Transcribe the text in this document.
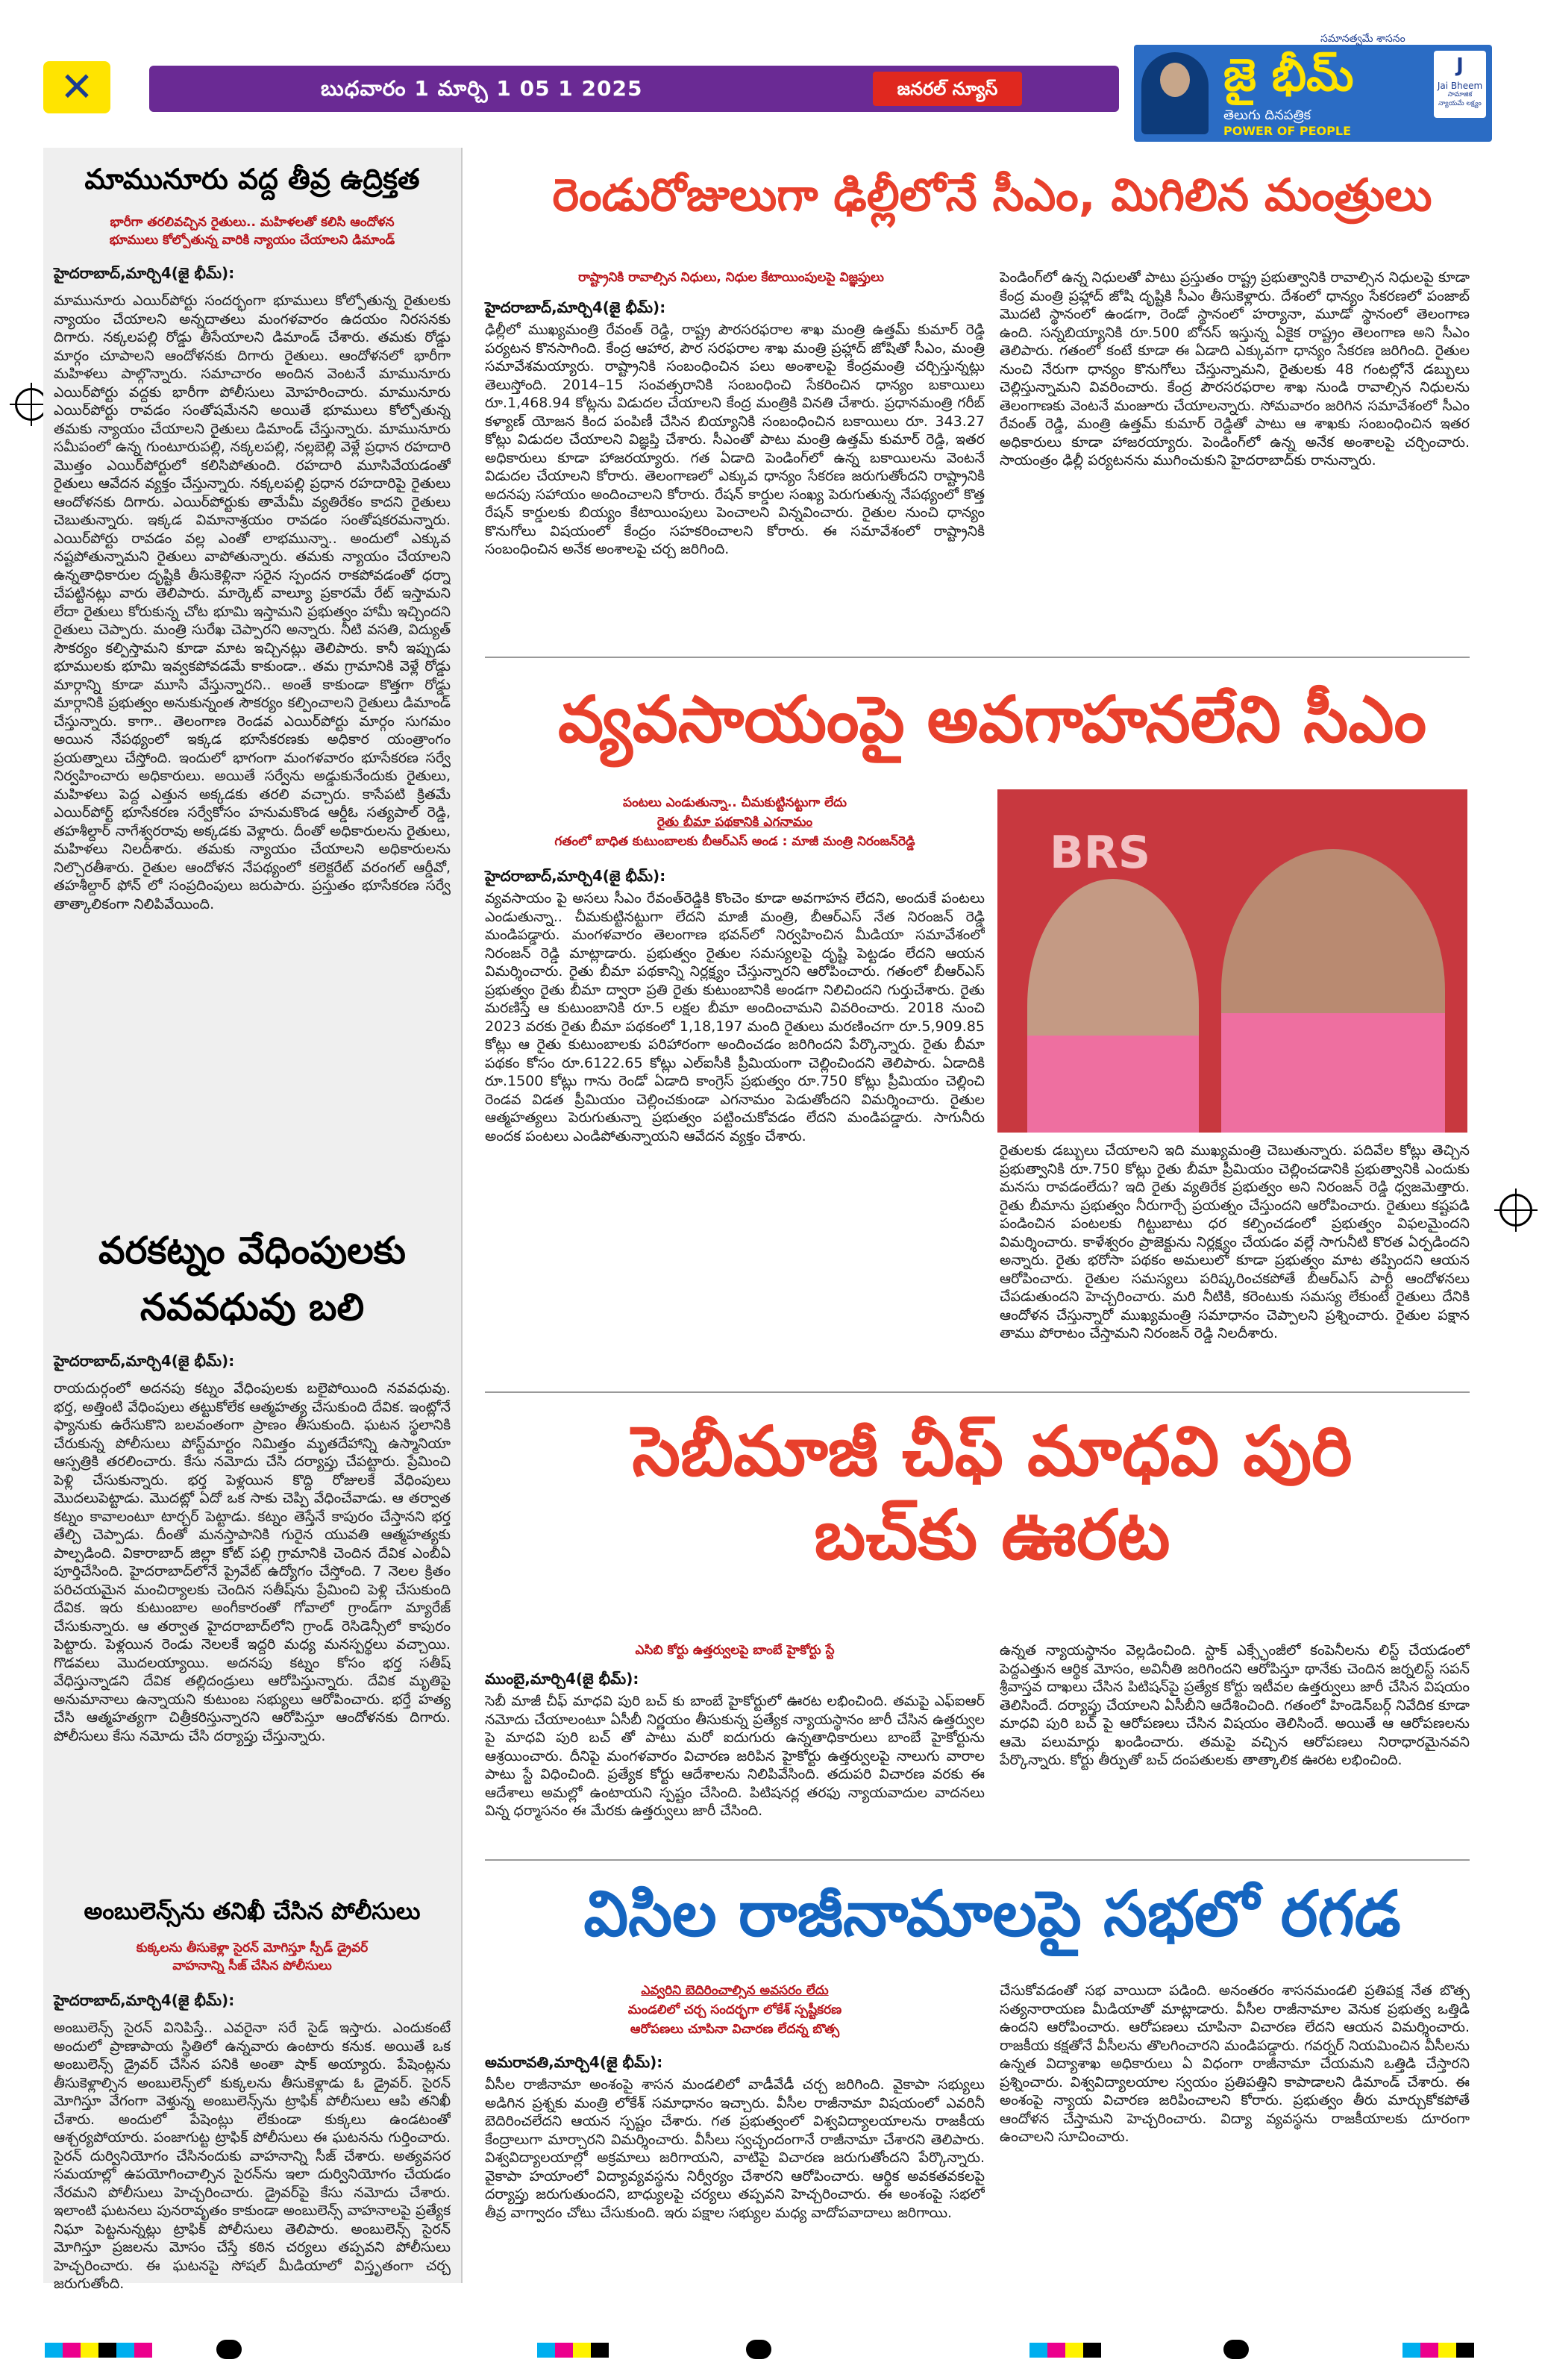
✕	బుధవారం 1 మార్చి 1 05 1 2025	జనరల్ న్యూస్	జై భీమ్
తెలుగు దినపత్రిక
POWER OF PEOPLE
J
Jai Bheem
సామాజిక న్యాయమే లక్ష్యం
సమానత్వమే శాసనం
మామునూరు వద్ద తీవ్ర ఉద్రిక్తత
భారీగా తరలివచ్చిన రైతులు.. మహిళలతో కలిసి ఆందోళన
భూములు కోల్పోతున్న వారికి న్యాయం చేయాలని డిమాండ్

హైదరాబాద్,మార్చి4(జై భీమ్):

మామునూరు ఎయిర్‌పోర్టు సందర్భంగా భూములు కోల్పోతున్న రైతులకు న్యాయం చేయాలని అన్నదాతలు మంగళవారం ఉదయం నిరసనకు దిగారు. నక్కలపల్లి రోడ్డు తీసేయాలని డిమాండ్ చేశారు. తమకు రోడ్డు మార్గం చూపాలని ఆందోళనకు దిగారు రైతులు. ఆందోళనలో భారీగా మహిళలు పాల్గొన్నారు. సమాచారం అందిన వెంటనే మామునూరు ఎయిర్‌పోర్టు వద్దకు భారీగా పోలీసులు మోహరించారు. మామునూరు ఎయిర్‌పోర్టు రావడం సంతోషమేనని అయితే భూములు కోల్పోతున్న తమకు న్యాయం చేయాలని రైతులు డిమాండ్ చేస్తున్నారు. మామునూరు సమీపంలో ఉన్న గుంటూరుపల్లి, నక్కలపల్లి, నల్లబెల్లి వెళ్లే ప్రధాన రహదారి మొత్తం ఎయిర్‌పోర్టులో కలిసిపోతుంది. రహదారి మూసివేయడంతో రైతులు ఆవేదన వ్యక్తం చేస్తున్నారు. నక్కలపల్లి ప్రధాన రహదారిపై రైతులు ఆందోళనకు దిగారు. ఎయిర్‌పోర్టుకు తామేమీ వ్యతిరేకం కాదని రైతులు చెబుతున్నారు. ఇక్కడ విమానాశ్రయం రావడం సంతోషకరమన్నారు. ఎయిర్‌పోర్టు రావడం వల్ల ఎంతో లాభమున్నా.. అందులో ఎక్కువ నష్టపోతున్నామని రైతులు వాపోతున్నారు. తమకు న్యాయం చేయాలని ఉన్నతాధికారుల దృష్టికి తీసుకెళ్లినా సరైన స్పందన రాకపోవడంతో ధర్నా చేపట్టినట్లు వారు తెలిపారు. మార్కెట్ వాల్యూ ప్రకారమే రేట్ ఇస్తామని లేదా రైతులు కోరుకున్న చోట భూమి ఇస్తామని ప్రభుత్వం హామీ ఇచ్చిందని రైతులు చెప్పారు. మంత్రి సురేఖ చెప్పారని అన్నారు. నీటి వసతి, విద్యుత్ సౌకర్యం కల్పిస్తామని కూడా మాట ఇచ్చినట్లు తెలిపారు. కానీ ఇప్పుడు భూములకు భూమి ఇవ్వకపోవడమే కాకుండా.. తమ గ్రామానికి వెళ్లే రోడ్డు మార్గాన్ని కూడా మూసి వేస్తున్నారని.. అంతే కాకుండా కొత్తగా రోడ్డు మార్గానికి ప్రభుత్వం అనుకున్నంత సౌకర్యం కల్పించాలని రైతులు డిమాండ్ చేస్తున్నారు. కాగా.. తెలంగాణ రెండవ ఎయిర్‌పోర్టు మార్గం సుగమం అయిన నేపథ్యంలో ఇక్కడ భూసేకరణకు అధికార యంత్రాంగం ప్రయత్నాలు చేస్తోంది. ఇందులో భాగంగా మంగళవారం భూసేకరణ సర్వే నిర్వహించారు అధికారులు. అయితే సర్వేను అడ్డుకునేందుకు రైతులు, మహిళలు పెద్ద ఎత్తున అక్కడకు తరలి వచ్చారు. కాసేపటి క్రితమే ఎయిర్‌పోర్ట్ భూసేకరణ సర్వేకోసం హనుమకొండ ఆర్డీఓ సత్యపాల్ రెడ్డి, తహశీల్దార్ నాగేశ్వరరావు అక్కడకు వెళ్లారు. దీంతో అధికారులను రైతులు, మహిళలు నిలదీశారు. తమకు న్యాయం చేయాలని అధికారులను నిల్చొరతీశారు. రైతుల ఆందోళన నేపథ్యంలో కలెక్టరేట్ వరంగల్ ఆర్డీవో, తహశీల్దార్ ఫోన్ లో సంప్రదింపులు జరుపారు. ప్రస్తుతం భూసేకరణ సర్వే తాత్కాలికంగా నిలిపివేయింది.

వరకట్నం వేధింపులకు నవవధువు బలి

హైదరాబాద్,మార్చి4(జై భీమ్):

రాయదుర్గంలో అదనపు కట్నం వేధింపులకు బలైపోయింది నవవధువు. భర్త, అత్తింటి వేధింపులు తట్టుకోలేక ఆత్మహత్య చేసుకుంది దేవిక. ఇంట్లోనే ఫ్యానుకు ఉరేసుకొని బలవంతంగా ప్రాణం తీసుకుంది. ఘటన స్థలానికి చేరుకున్న పోలీసులు పోస్ట్‌మార్టం నిమిత్తం మృతదేహాన్ని ఉస్మానియా ఆస్పత్రికి తరలించారు. కేసు నమోదు చేసి దర్యాప్తు చేపట్టారు. ప్రేమించి పెళ్లి చేసుకున్నారు. భర్త పెళ్లయిన కొద్ది రోజులకే వేధింపులు మొదలుపెట్టాడు. మొదట్లో ఏదో ఒక సాకు చెప్పి వేధించేవాడు. ఆ తర్వాత కట్నం కావాలంటూ టార్చర్ పెట్టాడు. కట్నం తెస్తేనే కాపురం చేస్తానని భర్త తేల్చి చెప్పాడు. దీంతో మనస్తాపానికి గురైన యువతి ఆత్మహత్యకు పాల్పడింది. వికారాబాద్ జిల్లా కోట్ పల్లి గ్రామానికి చెందిన దేవిక ఎంబీఏ పూర్తిచేసింది. హైదరాబాద్‌లోనే ప్రైవేట్ ఉద్యోగం చేస్తోంది. 7 నెలల క్రితం పరిచయమైన మంచిర్యాలకు చెందిన సతీష్‌ను ప్రేమించి పెళ్లి చేసుకుంది దేవిక. ఇరు కుటుంబాల అంగీకారంతో గోవాలో గ్రాండ్‌గా మ్యారేజ్ చేసుకున్నారు. ఆ తర్వాత హైదరాబాద్‌లోని గ్రాండ్ రెసిడెన్సీలో కాపురం పెట్టారు. పెళ్లయిన రెండు నెలలకే ఇద్దరి మధ్య మనస్పర్థలు వచ్చాయి. గొడవలు మొదలయ్యాయి. అదనపు కట్నం కోసం భర్త సతీష్ వేధిస్తున్నాడని దేవిక తల్లిదండ్రులు ఆరోపిస్తున్నారు. దేవిక మృతిపై అనుమానాలు ఉన్నాయని కుటుంబ సభ్యులు ఆరోపించారు. భర్తే హత్య చేసి ఆత్మహత్యగా చిత్రీకరిస్తున్నారని ఆరోపిస్తూ ఆందోళనకు దిగారు. పోలీసులు కేసు నమోదు చేసి దర్యాప్తు చేస్తున్నారు.

అంబులెన్స్‌ను తనిఖీ చేసిన పోలీసులు
కుక్కలను తీసుకెళ్లా సైరన్ మోగిస్తూ స్పీడ్ డ్రైవర్
వాహనాన్ని సీజ్ చేసిన పోలీసులు

హైదరాబాద్,మార్చి4(జై భీమ్):

అంబులెన్స్ సైరన్ వినిపిస్తే.. ఎవరైనా సరే సైడ్ ఇస్తారు. ఎందుకంటే అందులో ప్రాణాపాయ స్థితిలో ఉన్నవారు ఉంటారు కనుక. అయితే ఒక అంబులెన్స్ డ్రైవర్ చేసిన పనికి అంతా షాక్ అయ్యారు. పేషెంట్లను తీసుకెళ్లాల్సిన అంబులెన్స్‌లో కుక్కలను తీసుకెళ్లాడు ఓ డ్రైవర్. సైరన్ మోగిస్తూ వేగంగా వెళ్తున్న అంబులెన్స్‌ను ట్రాఫిక్ పోలీసులు ఆపి తనిఖీ చేశారు. అందులో పేషెంట్లు లేకుండా కుక్కలు ఉండటంతో ఆశ్చర్యపోయారు. పంజాగుట్ట ట్రాఫిక్ పోలీసులు ఈ ఘటనను గుర్తించారు. సైరన్ దుర్వినియోగం చేసినందుకు వాహనాన్ని సీజ్ చేశారు. అత్యవసర సమయాల్లో ఉపయోగించాల్సిన సైరన్‌ను ఇలా దుర్వినియోగం చేయడం నేరమని పోలీసులు హెచ్చరించారు. డ్రైవర్‌పై కేసు నమోదు చేశారు. ఇలాంటి ఘటనలు పునరావృతం కాకుండా అంబులెన్స్ వాహనాలపై ప్రత్యేక నిఘా పెట్టనున్నట్లు ట్రాఫిక్ పోలీసులు తెలిపారు. అంబులెన్స్ సైరన్ మోగిస్తూ ప్రజలను మోసం చేస్తే కఠిన చర్యలు తప్పవని పోలీసులు హెచ్చరించారు. ఈ ఘటనపై సోషల్ మీడియాలో విస్తృతంగా చర్చ జరుగుతోంది.

రెండురోజులుగా ఢిల్లీలోనే సీఎం, మిగిలిన మంత్రులు
రాష్ట్రానికి రావాల్సిన నిధులు, నిధుల కేటాయింపులపై విజ్ఞప్తులు

హైదరాబాద్,మార్చి4(జై భీమ్):

ఢిల్లీలో ముఖ్యమంత్రి రేవంత్ రెడ్డి, రాష్ట్ర పౌరసరఫరాల శాఖ మంత్రి ఉత్తమ్ కుమార్ రెడ్డి పర్యటన కొనసాగింది. కేంద్ర ఆహార, పౌర సరఫరాల శాఖ మంత్రి ప్రహ్లాద్ జోషితో సీఎం, మంత్రి సమావేశమయ్యారు. రాష్ట్రానికి సంబంధించిన పలు అంశాలపై కేంద్రమంత్రి చర్చిస్తున్నట్లు తెలుస్తోంది. 2014–15 సంవత్సరానికి సంబంధించి సేకరించిన ధాన్యం బకాయిలు రూ.1,468.94 కోట్లను విడుదల చేయాలని కేంద్ర మంత్రికి వినతి చేశారు. ప్రధానమంత్రి గరీబ్ కళ్యాణ్ యోజన కింద పంపిణీ చేసిన బియ్యానికి సంబంధించిన బకాయిలు రూ. 343.27 కోట్లు విడుదల చేయాలని విజ్ఞప్తి చేశారు. సీఎంతో పాటు మంత్రి ఉత్తమ్ కుమార్ రెడ్డి, ఇతర అధికారులు కూడా హాజరయ్యారు. గత ఏడాది పెండింగ్‌లో ఉన్న బకాయిలను వెంటనే విడుదల చేయాలని కోరారు. తెలంగాణలో ఎక్కువ ధాన్యం సేకరణ జరుగుతోందని రాష్ట్రానికి అదనపు సహాయం అందించాలని కోరారు. రేషన్ కార్డుల సంఖ్య పెరుగుతున్న నేపథ్యంలో కొత్త రేషన్ కార్డులకు బియ్యం కేటాయింపులు పెంచాలని విన్నవించారు. రైతుల నుంచి ధాన్యం కొనుగోలు విషయంలో కేంద్రం సహకరించాలని కోరారు. ఈ సమావేశంలో రాష్ట్రానికి సంబంధించిన అనేక అంశాలపై చర్చ జరిగింది.

పెండింగ్‌లో ఉన్న నిధులతో పాటు ప్రస్తుతం రాష్ట్ర ప్రభుత్వానికి రావాల్సిన నిధులపై కూడా కేంద్ర మంత్రి ప్రహ్లాద్ జోషి దృష్టికి సీఎం తీసుకెళ్లారు. దేశంలో ధాన్యం సేకరణలో పంజాబ్ మొదటి స్థానంలో ఉండగా, రెండో స్థానంలో హర్యానా, మూడో స్థానంలో తెలంగాణ ఉంది. సన్నబియ్యానికి రూ.500 బోనస్ ఇస్తున్న ఏకైక రాష్ట్రం తెలంగాణ అని సీఎం తెలిపారు. గతంలో కంటే కూడా ఈ ఏడాది ఎక్కువగా ధాన్యం సేకరణ జరిగింది. రైతుల నుంచి నేరుగా ధాన్యం కొనుగోలు చేస్తున్నామని, రైతులకు 48 గంటల్లోనే డబ్బులు చెల్లిస్తున్నామని వివరించారు. కేంద్ర పౌరసరఫరాల శాఖ నుండి రావాల్సిన నిధులను తెలంగాణకు వెంటనే మంజూరు చేయాలన్నారు. సోమవారం జరిగిన సమావేశంలో సీఎం రేవంత్ రెడ్డి, మంత్రి ఉత్తమ్ కుమార్ రెడ్డితో పాటు ఆ శాఖకు సంబంధించిన ఇతర అధికారులు కూడా హాజరయ్యారు. పెండింగ్‌లో ఉన్న అనేక అంశాలపై చర్చించారు. సాయంత్రం ఢిల్లీ పర్యటనను ముగించుకుని హైదరాబాద్‌కు రానున్నారు.

వ్యవసాయంపై అవగాహనలేని సీఎం
పంటలు ఎండుతున్నా.. చీమకుట్టినట్టుగా లేదు
రైతు బీమా పథకానికి ఎగనామం
గతంలో బాధిత కుటుంబాలకు బీఆర్ఎస్ అండ : మాజీ మంత్రి నిరంజన్‌రెడ్డి

హైదరాబాద్,మార్చి4(జై భీమ్):

వ్యవసాయం పై అసలు సీఎం రేవంత్‌రెడ్డికి కొంచెం కూడా అవగాహన లేదని, అందుకే పంటలు ఎండుతున్నా.. చీమకుట్టినట్టుగా లేదని మాజీ మంత్రి, బీఆర్ఎస్ నేత నిరంజన్ రెడ్డి మండిపడ్డారు. మంగళవారం తెలంగాణ భవన్‌లో నిర్వహించిన మీడియా సమావేశంలో నిరంజన్ రెడ్డి మాట్లాడారు. ప్రభుత్వం రైతుల సమస్యలపై దృష్టి పెట్టడం లేదని ఆయన విమర్శించారు. రైతు బీమా పథకాన్ని నిర్లక్ష్యం చేస్తున్నారని ఆరోపించారు. గతంలో బీఆర్ఎస్ ప్రభుత్వం రైతు బీమా ద్వారా ప్రతి రైతు కుటుంబానికి అండగా నిలిచిందని గుర్తుచేశారు. రైతు మరణిస్తే ఆ కుటుంబానికి రూ.5 లక్షల బీమా అందించామని వివరించారు. 2018 నుంచి 2023 వరకు రైతు బీమా పథకంలో 1,18,197 మంది రైతులు మరణించగా రూ.5,909.85 కోట్లు ఆ రైతు కుటుంబాలకు పరిహారంగా అందించడం జరిగిందని పేర్కొన్నారు. రైతు బీమా పథకం కోసం రూ.6122.65 కోట్లు ఎల్ఐసీకి ప్రీమియంగా చెల్లించిందని తెలిపారు. ఏడాదికి రూ.1500 కోట్లు గాను రెండో ఏడాది కాంగ్రెస్ ప్రభుత్వం రూ.750 కోట్లు ప్రీమియం చెల్లించి రెండవ విడత ప్రీమియం చెల్లించకుండా ఎగనామం పెడుతోందని విమర్శించారు. రైతుల ఆత్మహత్యలు పెరుగుతున్నా ప్రభుత్వం పట్టించుకోవడం లేదని మండిపడ్డారు. సాగునీరు అందక పంటలు ఎండిపోతున్నాయని ఆవేదన వ్యక్తం చేశారు.

BRS

రైతులకు డబ్బులు చేయాలని ఇది ముఖ్యమంత్రి చెబుతున్నారు. పదివేల కోట్లు తెచ్చిన ప్రభుత్వానికి రూ.750 కోట్లు రైతు బీమా ప్రీమియం చెల్లించడానికి ప్రభుత్వానికి ఎందుకు మనసు రావడంలేదు? ఇది రైతు వ్యతిరేక ప్రభుత్వం అని నిరంజన్ రెడ్డి ధ్వజమెత్తారు. రైతు బీమాను ప్రభుత్వం నీరుగార్చే ప్రయత్నం చేస్తుందని ఆరోపించారు. రైతులు కష్టపడి పండించిన పంటలకు గిట్టుబాటు ధర కల్పించడంలో ప్రభుత్వం విఫలమైందని విమర్శించారు. కాళేశ్వరం ప్రాజెక్టును నిర్లక్ష్యం చేయడం వల్లే సాగునీటి కొరత ఏర్పడిందని అన్నారు. రైతు భరోసా పథకం అమలులో కూడా ప్రభుత్వం మాట తప్పిందని ఆయన ఆరోపించారు. రైతుల సమస్యలు పరిష్కరించకపోతే బీఆర్ఎస్ పార్టీ ఆందోళనలు చేపడుతుందని హెచ్చరించారు. మరి నీటికి, కరెంటుకు సమస్య లేకుంటే రైతులు దేనికి ఆందోళన చేస్తున్నారో ముఖ్యమంత్రి సమాధానం చెప్పాలని ప్రశ్నించారు. రైతుల పక్షాన తాము పోరాటం చేస్తామని నిరంజన్ రెడ్డి నిలదీశారు.

సెబీమాజీ చీఫ్ మాధవి పురి
బచ్‌కు ఊరట
ఎసిబి కోర్టు ఉత్తర్వులపై బాంబే హైకోర్టు స్టే

ముంబై,మార్చి4(జై భీమ్):

సెబీ మాజీ చీఫ్ మాధవి పురి బచ్ కు బాంబే హైకోర్టులో ఊరట లభించింది. తమపై ఎఫ్‌ఐఆర్ నమోదు చేయాలంటూ ఏసీబీ నిర్ణయం తీసుకున్న ప్రత్యేక న్యాయస్థానం జారీ చేసిన ఉత్తర్వుల పై మాధవి పురి బచ్ తో పాటు మరో ఐదుగురు ఉన్నతాధికారులు బాంబే హైకోర్టును ఆశ్రయించారు. దీనిపై మంగళవారం విచారణ జరిపిన హైకోర్టు ఉత్తర్వులపై నాలుగు వారాల పాటు స్టే విధించింది. ప్రత్యేక కోర్టు ఆదేశాలను నిలిపివేసింది. తదుపరి విచారణ వరకు ఈ ఆదేశాలు అమల్లో ఉంటాయని స్పష్టం చేసింది. పిటిషనర్ల తరఫు న్యాయవాదుల వాదనలు విన్న ధర్మాసనం ఈ మేరకు ఉత్తర్వులు జారీ చేసింది.

ఉన్నత న్యాయస్థానం వెల్లడించింది. స్టాక్ ఎక్స్ఛేంజీలో కంపెనీలను లిస్ట్ చేయడంలో పెద్దఎత్తున ఆర్థిక మోసం, అవినీతి జరిగిందని ఆరోపిస్తూ థానేకు చెందిన జర్నలిస్ట్ సపన్ శ్రీవాస్తవ దాఖలు చేసిన పిటిషన్‌పై ప్రత్యేక కోర్టు ఇటీవల ఉత్తర్వులు జారీ చేసిన విషయం తెలిసిందే. దర్యాప్తు చేయాలని ఏసీబీని ఆదేశించింది. గతంలో హిండెన్‌బర్గ్ నివేదిక కూడా మాధవి పురి బచ్ పై ఆరోపణలు చేసిన విషయం తెలిసిందే. అయితే ఆ ఆరోపణలను ఆమె పలుమార్లు ఖండించారు. తమపై వచ్చిన ఆరోపణలు నిరాధారమైనవని పేర్కొన్నారు. కోర్టు తీర్పుతో బచ్ దంపతులకు తాత్కాలిక ఊరట లభించింది.

విసిల రాజీనామాలపై సభలో రగడ
ఎవ్వరిని బెదిరించాల్సిన అవసరం లేదు
మండలిలో చర్చ సందర్భగా లోకేశ్ స్పష్టీకరణ
ఆరోపణలు చూపినా విచారణ లేదన్న బొత్స

అమరావతి,మార్చి4(జై భీమ్):

వీసీల రాజీనామా అంశంపై శాసన మండలిలో వాడీవేడీ చర్చ జరిగింది. వైకాపా సభ్యులు అడిగిన ప్రశ్నకు మంత్రి లోకేశ్ సమాధానం ఇచ్చారు. వీసీల రాజీనామా విషయంలో ఎవరినీ బెదిరించలేదని ఆయన స్పష్టం చేశారు. గత ప్రభుత్వంలో విశ్వవిద్యాలయాలను రాజకీయ కేంద్రాలుగా మార్చారని విమర్శించారు. వీసీలు స్వచ్ఛందంగానే రాజీనామా చేశారని తెలిపారు. విశ్వవిద్యాలయాల్లో అక్రమాలు జరిగాయని, వాటిపై విచారణ జరుగుతోందని పేర్కొన్నారు. వైకాపా హయాంలో విద్యావ్యవస్థను నిర్వీర్యం చేశారని ఆరోపించారు. ఆర్థిక అవకతవకలపై దర్యాప్తు జరుగుతుందని, బాధ్యులపై చర్యలు తప్పవని హెచ్చరించారు. ఈ అంశంపై సభలో తీవ్ర వాగ్వాదం చోటు చేసుకుంది. ఇరు పక్షాల సభ్యుల మధ్య వాదోపవాదాలు జరిగాయి.

చేసుకోవడంతో సభ వాయిదా పడింది. అనంతరం శాసనమండలి ప్రతిపక్ష నేత బొత్స సత్యనారాయణ మీడియాతో మాట్లాడారు. వీసీల రాజీనామాల వెనుక ప్రభుత్వ ఒత్తిడి ఉందని ఆరోపించారు. ఆరోపణలు చూపినా విచారణ లేదని ఆయన విమర్శించారు. రాజకీయ కక్షతోనే వీసీలను తొలగించారని మండిపడ్డారు. గవర్నర్ నియమించిన వీసీలను ఉన్నత విద్యాశాఖ అధికారులు ఏ విధంగా రాజీనామా చేయమని ఒత్తిడి చేస్తారని ప్రశ్నించారు. విశ్వవిద్యాలయాల స్వయం ప్రతిపత్తిని కాపాడాలని డిమాండ్ చేశారు. ఈ అంశంపై న్యాయ విచారణ జరిపించాలని కోరారు. ప్రభుత్వం తీరు మార్చుకోకపోతే ఆందోళన చేస్తామని హెచ్చరించారు. విద్యా వ్యవస్థను రాజకీయాలకు దూరంగా ఉంచాలని సూచించారు.
